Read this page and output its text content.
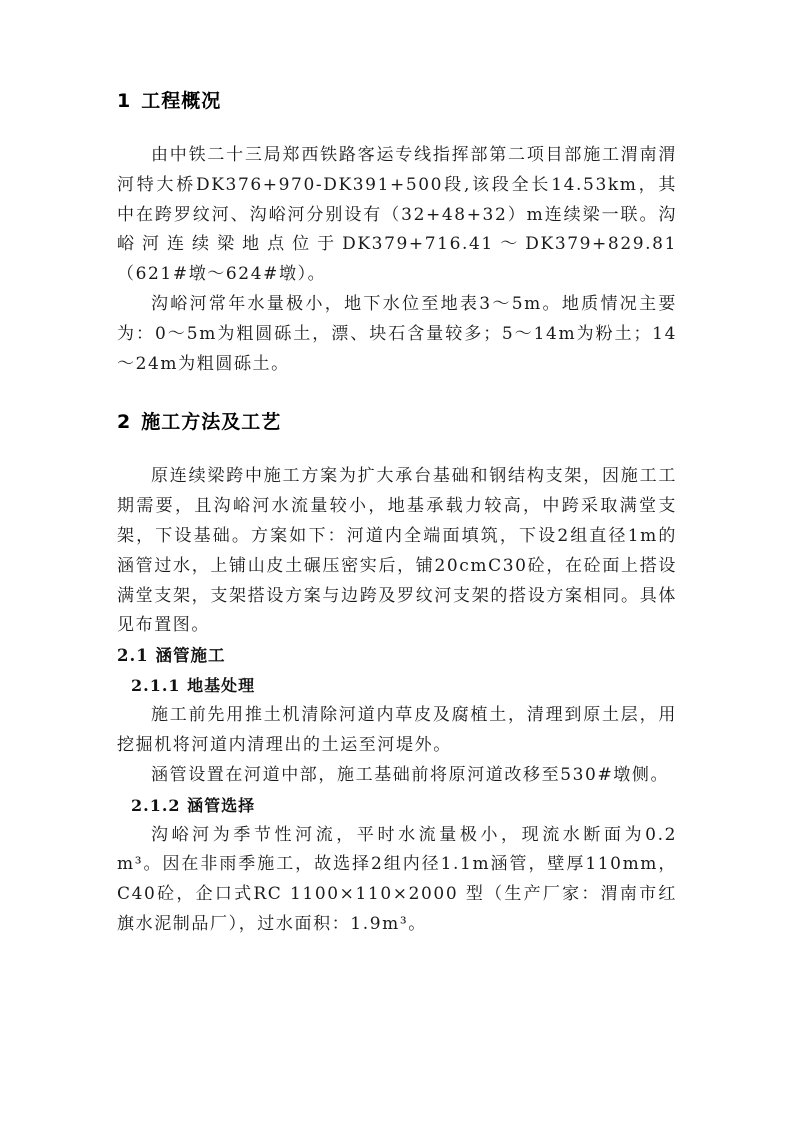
1 工程概况

由中铁二十三局郑西铁路客运专线指挥部第二项目部施工渭南渭河特大桥DK376+970-DK391+500段,该段全长14.53km，其中在跨罗纹河、沟峪河分别设有（32+48+32）m连续梁一联。沟峪河连续梁地点位于DK379+716.41～DK379+829.81（621#墩～624#墩）。

沟峪河常年水量极小，地下水位至地表3～5m。地质情况主要为：0～5m为粗圆砾土，漂、块石含量较多；5～14m为粉土；14～24m为粗圆砾土。

2 施工方法及工艺

原连续梁跨中施工方案为扩大承台基础和钢结构支架，因施工工期需要，且沟峪河水流量较小，地基承载力较高，中跨采取满堂支架，下设基础。方案如下：河道内全端面填筑，下设2组直径1m的涵管过水，上铺山皮土碾压密实后，铺20cmC30砼，在砼面上搭设满堂支架，支架搭设方案与边跨及罗纹河支架的搭设方案相同。具体见布置图。

2.1 涵管施工
2.1.1 地基处理

施工前先用推土机清除河道内草皮及腐植土，清理到原土层，用挖掘机将河道内清理出的土运至河堤外。

涵管设置在河道中部，施工基础前将原河道改移至530#墩侧。

2.1.2 涵管选择

沟峪河为季节性河流，平时水流量极小，现流水断面为0.2 m³。因在非雨季施工，故选择2组内径1.1m涵管，壁厚110mm，C40砼，企口式RC 1100×110×2000 型（生产厂家：渭南市红旗水泥制品厂），过水面积：1.9m³。
